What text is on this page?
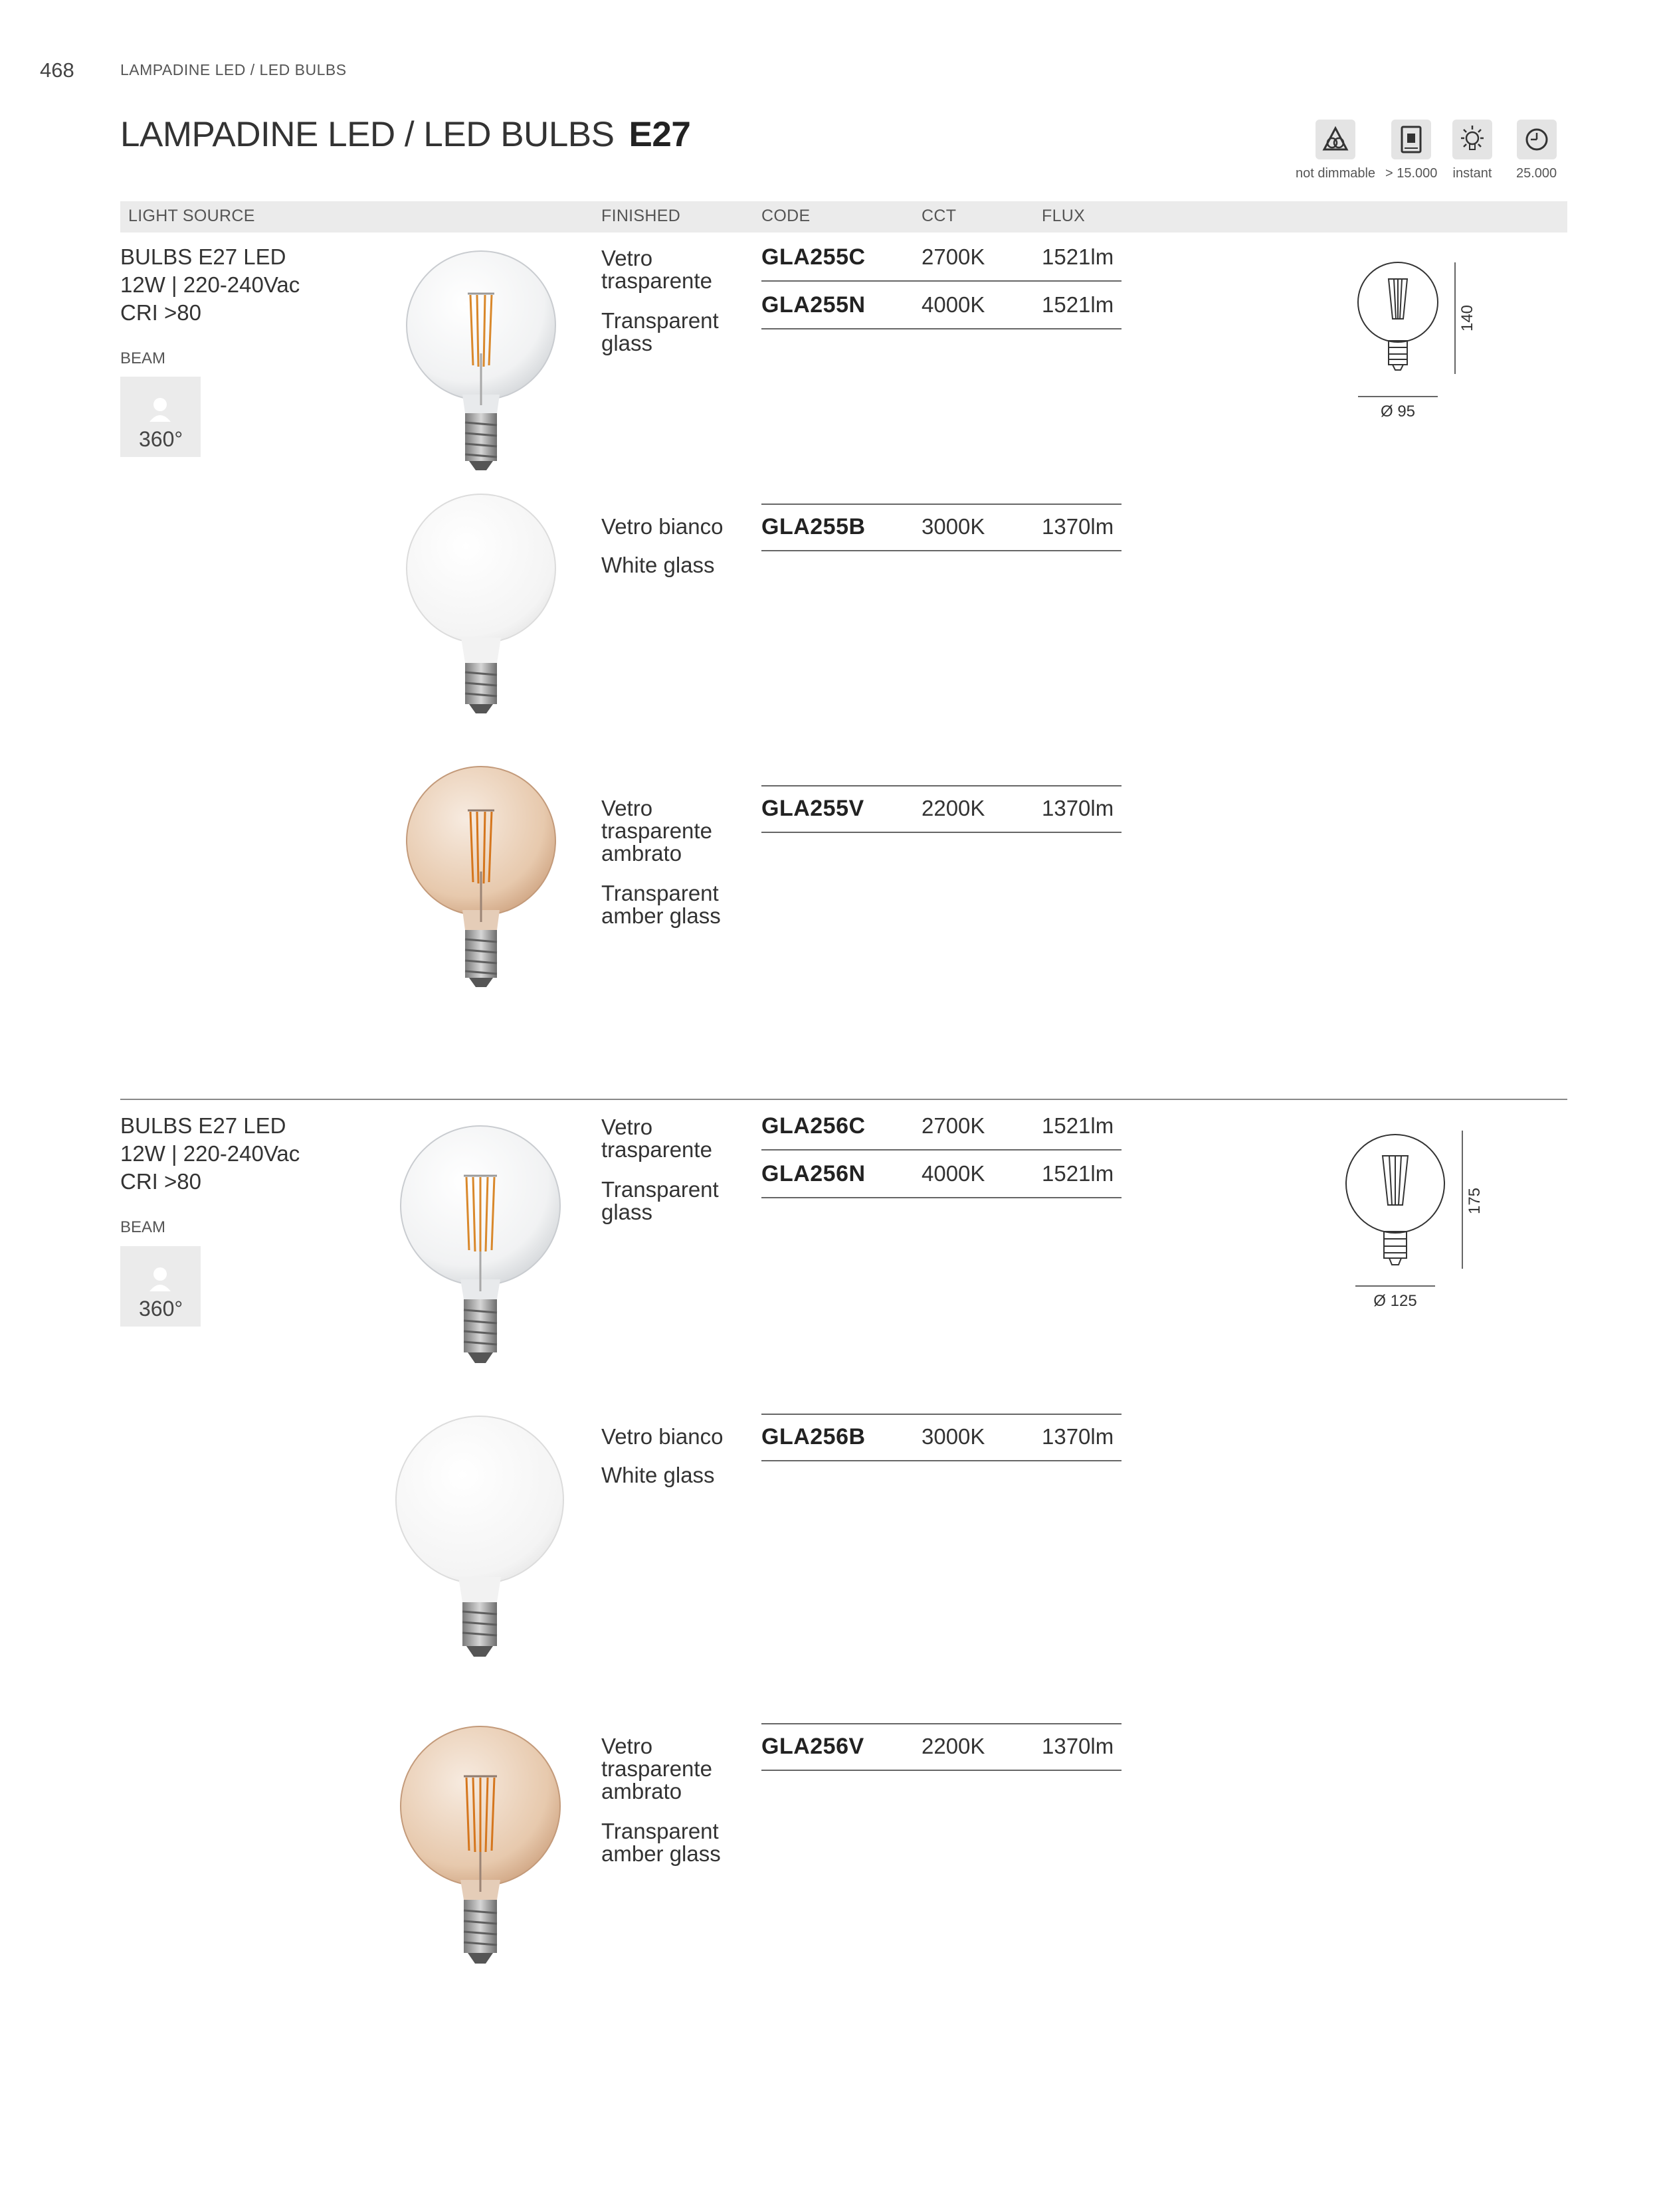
468	LAMPADINE LED / LED BULBS
LAMPADINE LED / LED BULBS E27
not dimmable > 15.000 instant 25.000
LIGHT SOURCE	FINISHED	CODE	CCT	FLUX
BULBS E27 LED
12W | 220-240Vac
CRI >80
BEAM
360°
Vetro trasparente
Transparent glass
GLA255C	2700K	1521lm
GLA255N	4000K	1521lm
140
Ø 95
Vetro bianco
White glass
GLA255B	3000K	1370lm
Vetro trasparente ambrato
Transparent amber glass
GLA255V	2200K	1370lm
BULBS E27 LED
12W | 220-240Vac
CRI >80
BEAM
360°
Vetro trasparente
Transparent glass
GLA256C	2700K	1521lm
GLA256N	4000K	1521lm
175
Ø 125
Vetro bianco
White glass
GLA256B	3000K	1370lm
Vetro trasparente ambrato
Transparent amber glass
GLA256V	2200K	1370lm
